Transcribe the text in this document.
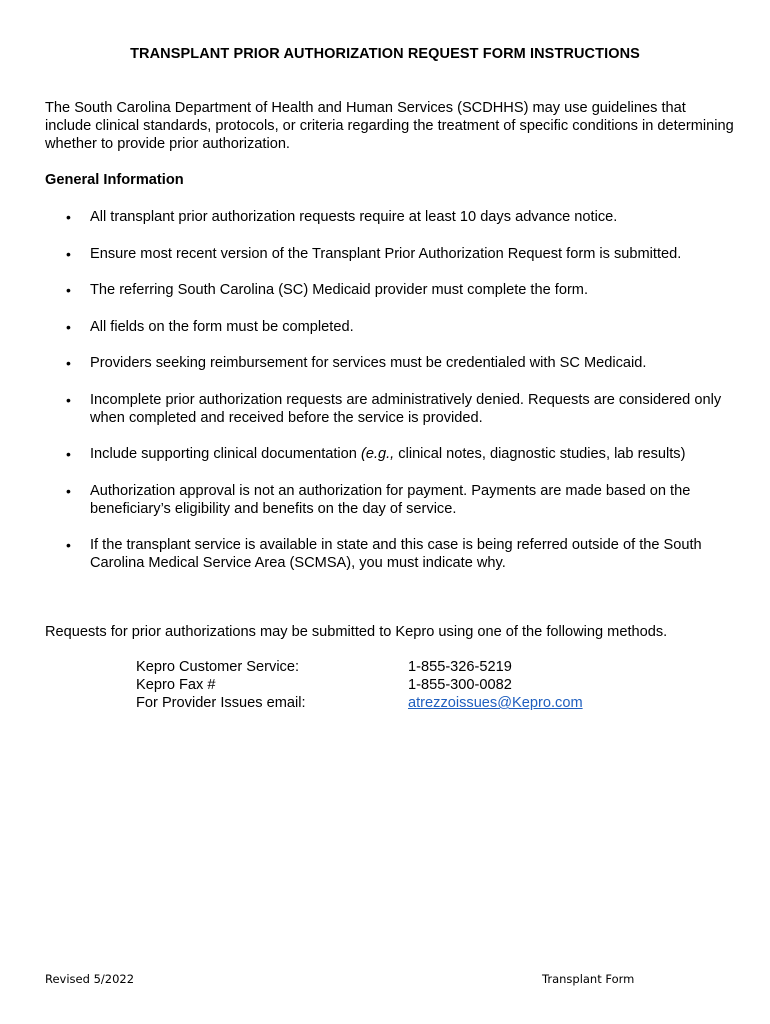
TRANSPLANT PRIOR AUTHORIZATION REQUEST FORM INSTRUCTIONS

The South Carolina Department of Health and Human Services (SCDHHS) may use guidelines that include clinical standards, protocols, or criteria regarding the treatment of specific conditions in determining whether to provide prior authorization.

General Information
• All transplant prior authorization requests require at least 10 days advance notice.
• Ensure most recent version of the Transplant Prior Authorization Request form is submitted.
• The referring South Carolina (SC) Medicaid provider must complete the form.
• All fields on the form must be completed.
• Providers seeking reimbursement for services must be credentialed with SC Medicaid.
• Incomplete prior authorization requests are administratively denied. Requests are considered only when completed and received before the service is provided.
• Include supporting clinical documentation (e.g., clinical notes, diagnostic studies, lab results)
• Authorization approval is not an authorization for payment. Payments are made based on the beneficiary’s eligibility and benefits on the day of service.
• If the transplant service is available in state and this case is being referred outside of the South Carolina Medical Service Area (SCMSA), you must indicate why.
Requests for prior authorizations may be submitted to Kepro using one of the following methods.
Kepro Customer Service:	1-855-326-5219
Kepro Fax #	1-855-300-0082
For Provider Issues email:	atrezzoissues@Kepro.com
Revised 5/2022	Transplant Form
